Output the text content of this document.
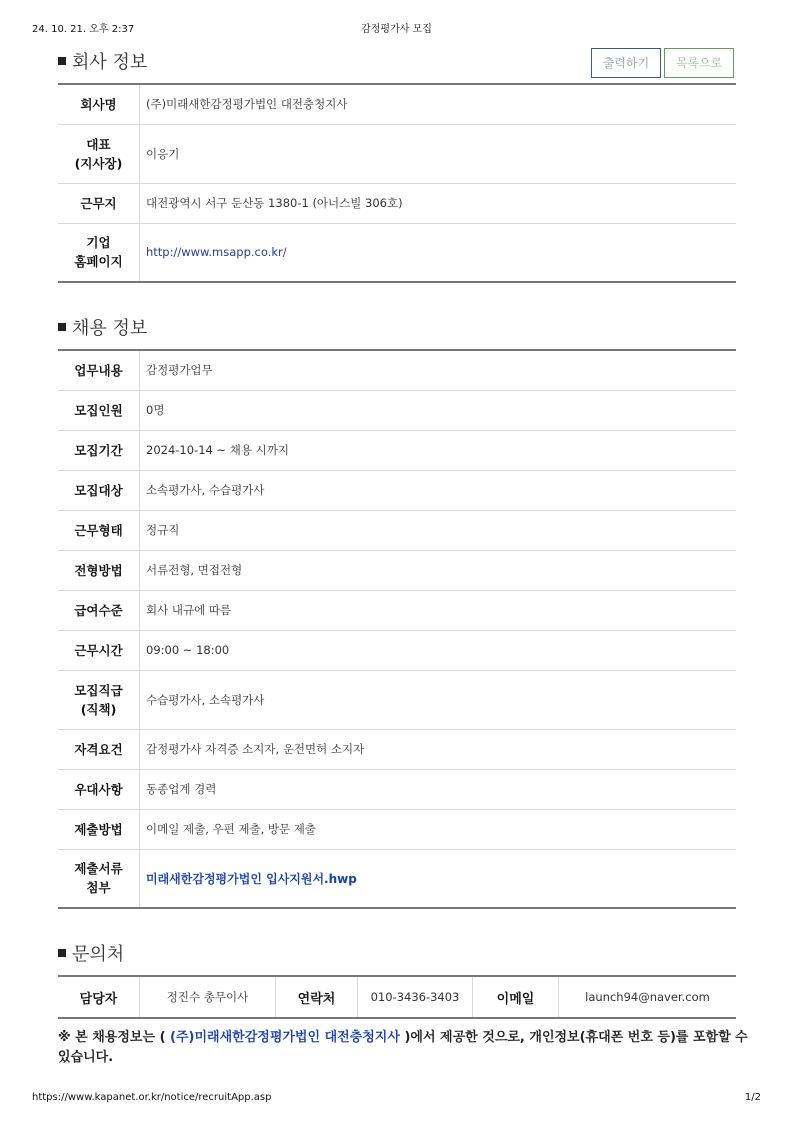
24. 10. 21. 오후 2:37	감정평가사 모집
회사 정보	출력하기	목록으로
회사명	(주)미래새한감정평가법인 대전충청지사
대표
(지사장)	이응기
근무지	대전광역시 서구 둔산동 1380-1 (아너스빌 306호)
기업
홈페이지	http://www.msapp.co.kr/
채용 정보
업무내용	감정평가업무
모집인원	0명
모집기간	2024-10-14 ~ 채용 시까지
모집대상	소속평가사, 수습평가사
근무형태	정규직
전형방법	서류전형, 면접전형
급여수준	회사 내규에 따름
근무시간	09:00 ~ 18:00
모집직급
(직책)	수습평가사, 소속평가사
자격요건	감정평가사 자격증 소지자, 운전면허 소지자
우대사항	동종업계 경력
제출방법	이메일 제출, 우편 제출, 방문 제출
제출서류
첨부	미래새한감정평가법인 입사지원서.hwp
문의처
담당자	정진수 총무이사	연락처	010-3436-3403	이메일	launch94@naver.com
※ 본 채용정보는 ( (주)미래새한감정평가법인 대전충청지사 )에서 제공한 것으로, 개인정보(휴대폰 번호 등)를 포함할 수 있습니다.
https://www.kapanet.or.kr/notice/recruitApp.asp	1/2
